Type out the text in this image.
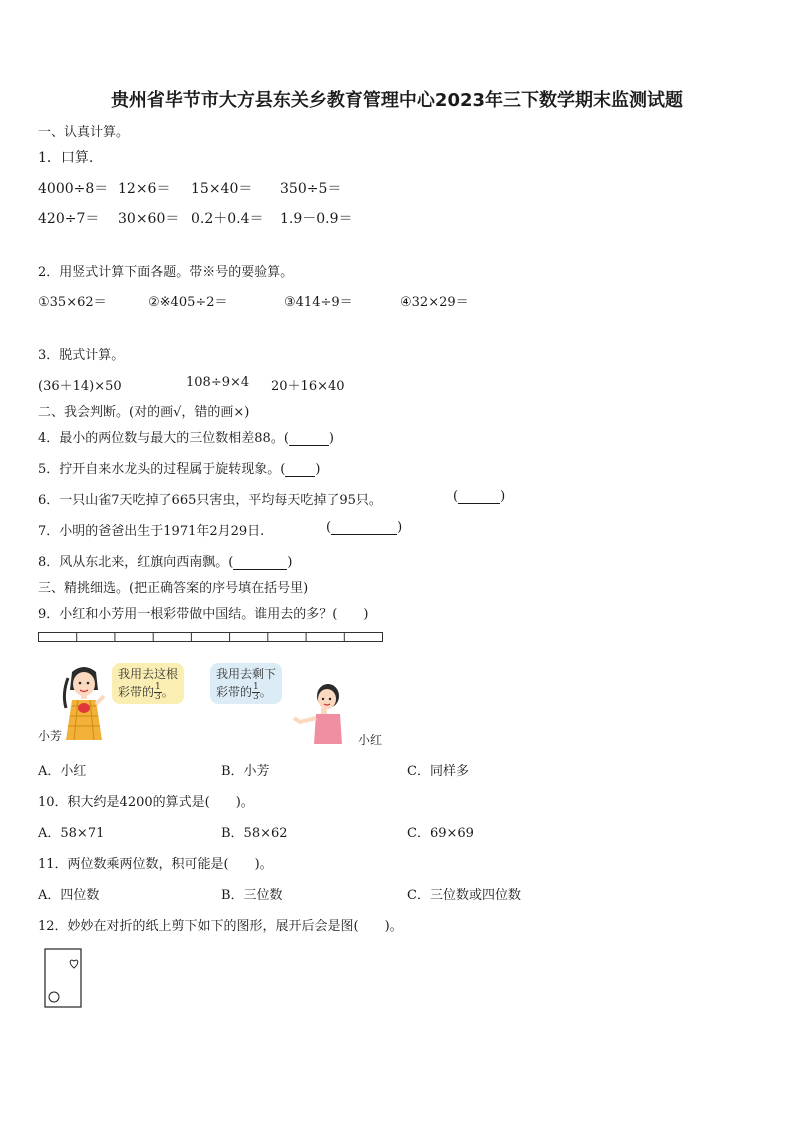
贵州省毕节市大方县东关乡教育管理中心2023年三下数学期末监测试题
一、认真计算。
1．口算.
4000÷8＝ 12×6＝ 15×40＝ 350÷5＝
420÷7＝ 30×60＝ 0.2＋0.4＝ 1.9－0.9＝
2．用竖式计算下面各题。带※号的要验算。
①35×62＝	②※405÷2＝	③414÷9＝	④32×29＝
3．脱式计算。
(36＋14)×50	108÷9×4 20＋16×40
二、我会判断。(对的画√，错的画×)
4．最小的两位数与最大的三位数相差88。(	)
5．拧开自来水龙头的过程属于旋转现象。( )
6．一只山雀7天吃掉了665只害虫，平均每天吃掉了95只。	(	)
7．小明的爸爸出生于1971年2月29日.	(	)
8．风从东北来，红旗向西南飘。(	)
三、精挑细选。(把正确答案的序号填在括号里)
9．小红和小芳用一根彩带做中国结。谁用去的多？(　　)
我用去这根
彩带的 $\frac{1}{3}$ 。
小芳
我用去剩下
彩带的 $\frac{1}{3}$ 。
小红
A．小红	B．小芳	C．同样多
10．积大约是4200的算式是(　　)。
A．58×71	B．58×62	C．69×69
11．两位数乘两位数，积可能是(　　)。
A．四位数	B．三位数	C．三位数或四位数
12．妙妙在对折的纸上剪下如下的图形，展开后会是图(　　)。
